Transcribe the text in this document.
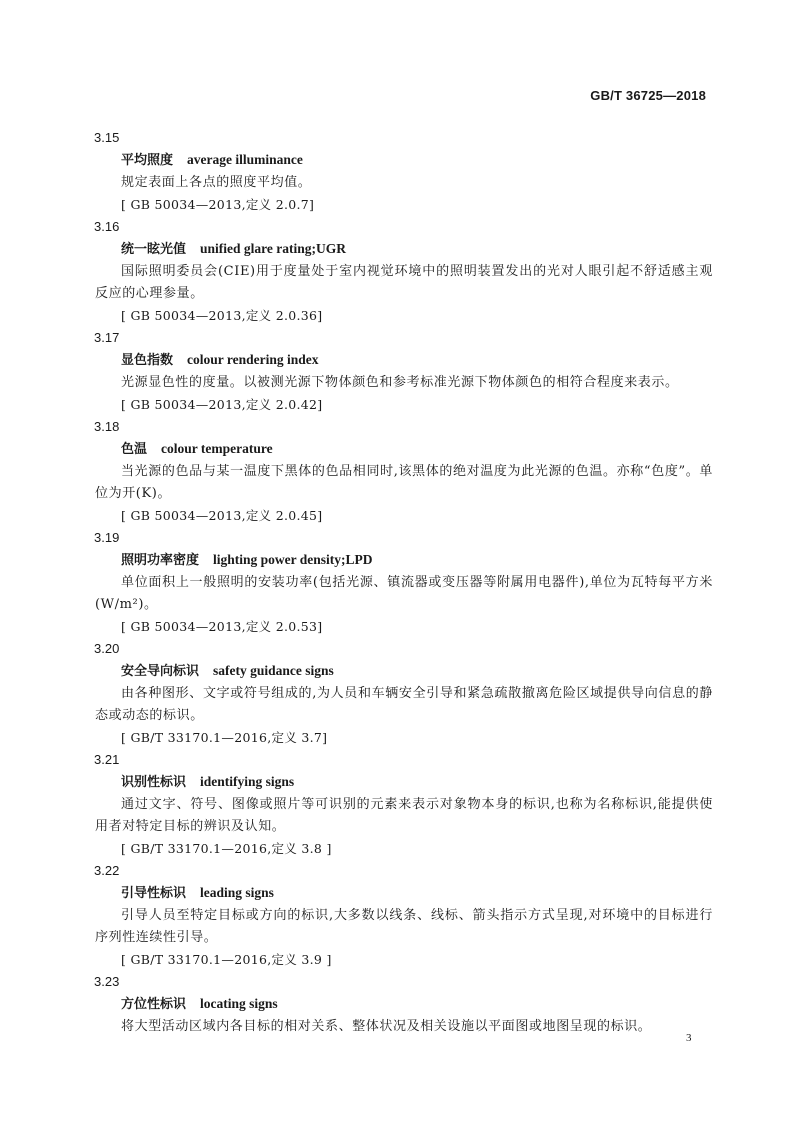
GB/T 36725—2018
3.15
平均照度 average illuminance
规定表面上各点的照度平均值。
[ GB 50034—2013,定义 2.0.7]
3.16
统一眩光值 unified glare rating;UGR
国际照明委员会(CIE)用于度量处于室内视觉环境中的照明装置发出的光对人眼引起不舒适感主观反应的心理参量。
[ GB 50034—2013,定义 2.0.36]
3.17
显色指数 colour rendering index
光源显色性的度量。以被测光源下物体颜色和参考标准光源下物体颜色的相符合程度来表示。
[ GB 50034—2013,定义 2.0.42]
3.18
色温 colour temperature
当光源的色品与某一温度下黑体的色品相同时,该黑体的绝对温度为此光源的色温。亦称“色度”。单位为开(K)。
[ GB 50034—2013,定义 2.0.45]
3.19
照明功率密度 lighting power density;LPD
单位面积上一般照明的安装功率(包括光源、镇流器或变压器等附属用电器件),单位为瓦特每平方米(W/m²)。
[ GB 50034—2013,定义 2.0.53]
3.20
安全导向标识 safety guidance signs
由各种图形、文字或符号组成的,为人员和车辆安全引导和紧急疏散撤离危险区域提供导向信息的静态或动态的标识。
[ GB/T 33170.1—2016,定义 3.7]
3.21
识别性标识 identifying signs
通过文字、符号、图像或照片等可识别的元素来表示对象物本身的标识,也称为名称标识,能提供使用者对特定目标的辨识及认知。
[ GB/T 33170.1—2016,定义 3.8 ]
3.22
引导性标识 leading signs
引导人员至特定目标或方向的标识,大多数以线条、线标、箭头指示方式呈现,对环境中的目标进行序列性连续性引导。
[ GB/T 33170.1—2016,定义 3.9 ]
3.23
方位性标识 locating signs
将大型活动区域内各目标的相对关系、整体状况及相关设施以平面图或地图呈现的标识。
3
